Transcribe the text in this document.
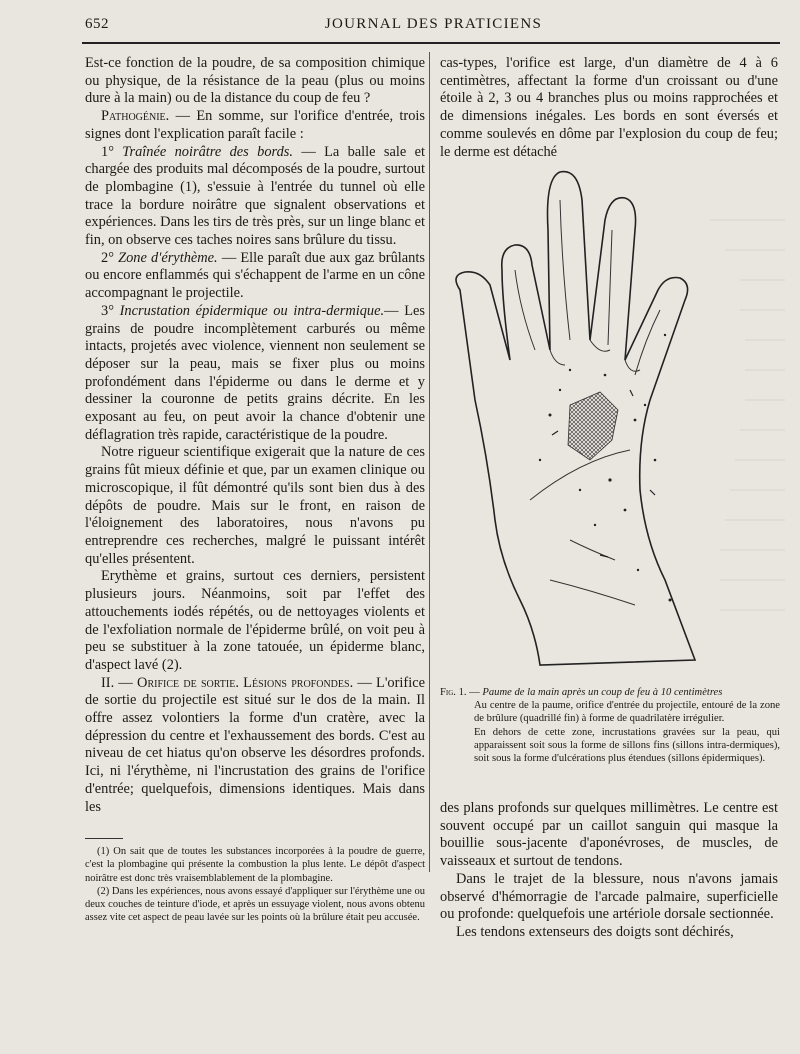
652	JOURNAL DES PRATICIENS

Est-ce fonction de la poudre, de sa composition chimique ou physique, de la résistance de la peau (plus ou moins dure à la main) ou de la distance du coup de feu ?

Pathogénie. — En somme, sur l'orifice d'entrée, trois signes dont l'explication paraît facile :

1° Traînée noirâtre des bords. — La balle sale et chargée des produits mal décomposés de la poudre, surtout de plombagine (1), s'essuie à l'entrée du tunnel où elle trace la bordure noirâtre que signalent observations et expériences. Dans les tirs de très près, sur un linge blanc et fin, on observe ces taches noires sans brûlure du tissu.

2° Zone d'érythème. — Elle paraît due aux gaz brûlants ou encore enflammés qui s'échappent de l'arme en un cône accompagnant le projectile.

3° Incrustation épidermique ou intra-dermique.— Les grains de poudre incomplètement carburés ou même intacts, projetés avec violence, viennent non seulement se déposer sur la peau, mais se fixer plus ou moins profondément dans l'épiderme ou dans le derme et y dessiner la couronne de petits grains décrite. En les exposant au feu, on peut avoir la chance d'obtenir une déflagration très rapide, caractéristique de la poudre.

Notre rigueur scientifique exigerait que la nature de ces grains fût mieux définie et que, par un examen clinique ou microscopique, il fût démontré qu'ils sont bien dus à des dépôts de poudre. Mais sur le front, en raison de l'éloignement des laboratoires, nous n'avons pu entreprendre ces recherches, malgré le puissant intérêt qu'elles présentent.

Erythème et grains, surtout ces derniers, persistent plusieurs jours. Néanmoins, soit par l'effet des attouchements iodés répétés, ou de nettoyages violents et de l'exfoliation normale de l'épiderme brûlé, on voit peu à peu se substituer à la zone tatouée, un épiderme blanc, d'aspect lavé (2).

II. — Orifice de sortie. Lésions profondes. — L'orifice de sortie du projectile est situé sur le dos de la main. Il offre assez volontiers la forme d'un cratère, avec la dépression du centre et l'exhaussement des bords. C'est au niveau de cet hiatus qu'on observe les désordres profonds. Ici, ni l'érythème, ni l'incrustation des grains de l'orifice d'entrée; quelquefois, dimensions identiques. Mais dans les

(1) On sait que de toutes les substances incorporées à la poudre de guerre, c'est la plombagine qui présente la combustion la plus lente. Le dépôt d'aspect noirâtre est donc très vraisemblablement de la plombagine.

(2) Dans les expériences, nous avons essayé d'appliquer sur l'érythème une ou deux couches de teinture d'iode, et après un essuyage violent, nous avons obtenu assez vite cet aspect de peau lavée sur les points où la brûlure était peu accusée.

cas-types, l'orifice est large, d'un diamètre de 4 à 6 centimètres, affectant la forme d'un croissant ou d'une étoile à 2, 3 ou 4 branches plus ou moins rapprochées et de dimensions inégales. Les bords en sont éversés et comme soulevés en dôme par l'explosion du coup de feu; le derme est détaché

Fig. 1. — Paume de la main après un coup de feu à 10 centimètres

Au centre de la paume, orifice d'entrée du projectile, entouré de la zone de brûlure (quadrillé fin) à forme de quadrilatère irrégulier.

En dehors de cette zone, incrustations gravées sur la peau, qui apparaissent soit sous la forme de sillons fins (sillons intra-dermiques), soit sous la forme d'ulcérations plus étendues (sillons épidermiques).

des plans profonds sur quelques millimètres. Le centre est souvent occupé par un caillot sanguin qui masque la bouillie sous-jacente d'aponévroses, de muscles, de vaisseaux et surtout de tendons.

Dans le trajet de la blessure, nous n'avons jamais observé d'hémorragie de l'arcade palmaire, superficielle ou profonde: quelquefois une artériole dorsale sectionnée.

Les tendons extenseurs des doigts sont déchirés,
